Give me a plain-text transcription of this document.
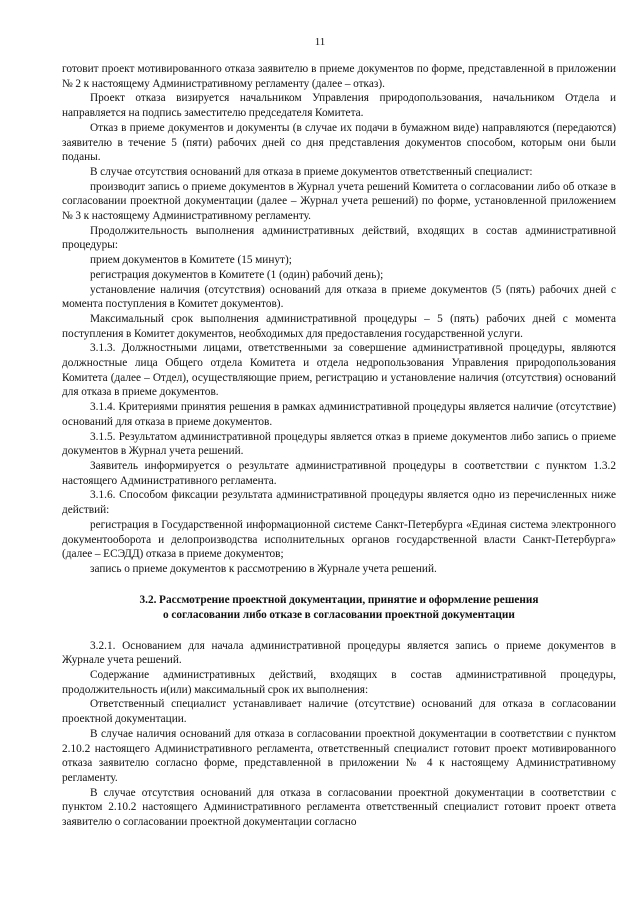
11

готовит проект мотивированного отказа заявителю в приеме документов по форме, представленной в приложении № 2 к настоящему Административному регламенту (далее – отказ).

Проект отказа визируется начальником Управления природопользования, начальником Отдела и направляется на подпись заместителю председателя Комитета.

Отказ в приеме документов и документы (в случае их подачи в бумажном виде) направляются (передаются) заявителю в течение 5 (пяти) рабочих дней со дня представления документов способом, которым они были поданы.

В случае отсутствия оснований для отказа в приеме документов ответственный специалист:

производит запись о приеме документов в Журнал учета решений Комитета о согласовании либо об отказе в согласовании проектной документации (далее – Журнал учета решений) по форме, установленной приложением № 3 к настоящему Административному регламенту.

Продолжительность выполнения административных действий, входящих в состав административной процедуры:

прием документов в Комитете (15 минут);

регистрация документов в Комитете (1 (один) рабочий день);

установление наличия (отсутствия) оснований для отказа в приеме документов (5 (пять) рабочих дней с момента поступления в Комитет документов).

Максимальный срок выполнения административной процедуры – 5 (пять) рабочих дней с момента поступления в Комитет документов, необходимых для предоставления государственной услуги.

3.1.3. Должностными лицами, ответственными за совершение административной процедуры, являются должностные лица Общего отдела Комитета и отдела недропользования Управления природопользования Комитета (далее – Отдел), осуществляющие прием, регистрацию и установление наличия (отсутствия) оснований для отказа в приеме документов.

3.1.4. Критериями принятия решения в рамках административной процедуры является наличие (отсутствие) оснований для отказа в приеме документов.

3.1.5. Результатом административной процедуры является отказ в приеме документов либо запись о приеме документов в Журнал учета решений.

Заявитель информируется о результате административной процедуры в соответствии с пунктом 1.3.2 настоящего Административного регламента.

3.1.6. Способом фиксации результата административной процедуры является одно из перечисленных ниже действий:

регистрация в Государственной информационной системе Санкт-Петербурга «Единая система электронного документооборота и делопроизводства исполнительных органов государственной власти Санкт-Петербурга» (далее – ЕСЭДД) отказа в приеме документов;

запись о приеме документов к рассмотрению в Журнале учета решений.

3.2. Рассмотрение проектной документации, принятие и оформление решения
о согласовании либо отказе в согласовании проектной документации

3.2.1. Основанием для начала административной процедуры является запись о приеме документов в Журнале учета решений.

Содержание административных действий, входящих в состав административной процедуры, продолжительность и(или) максимальный срок их выполнения:

Ответственный специалист устанавливает наличие (отсутствие) оснований для отказа в согласовании проектной документации.

В случае наличия оснований для отказа в согласовании проектной документации в соответствии с пунктом 2.10.2 настоящего Административного регламента, ответственный специалист готовит проект мотивированного отказа заявителю согласно форме, представленной в приложении № 4 к настоящему Административному регламенту.

В случае отсутствия оснований для отказа в согласовании проектной документации в соответствии с пунктом 2.10.2 настоящего Административного регламента ответственный специалист готовит проект ответа заявителю о согласовании проектной документации согласно
